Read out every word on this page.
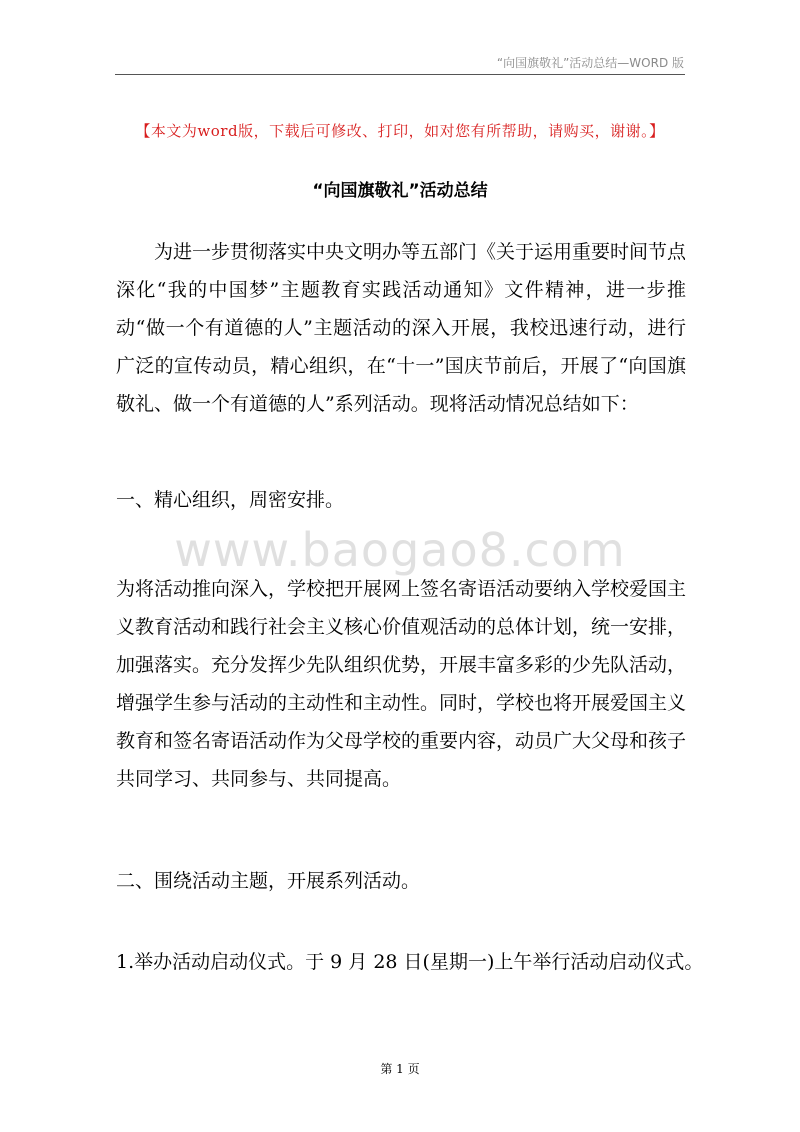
“向国旗敬礼”活动总结—WORD 版
【本文为word版，下载后可修改、打印，如对您有所帮助，请购买，谢谢。】
“向国旗敬礼”活动总结
为进一步贯彻落实中央文明办等五部门《关于运用重要时间节点深化“我的中国梦”主题教育实践活动通知》文件精神，进一步推动“做一个有道德的人”主题活动的深入开展，我校迅速行动，进行广泛的宣传动员，精心组织，在“十一”国庆节前后，开展了“向国旗敬礼、做一个有道德的人”系列活动。现将活动情况总结如下：
一、精心组织，周密安排。
www.baogao8.com
为将活动推向深入，学校把开展网上签名寄语活动要纳入学校爱国主义教育活动和践行社会主义核心价值观活动的总体计划，统一安排，加强落实。充分发挥少先队组织优势，开展丰富多彩的少先队活动，增强学生参与活动的主动性和主动性。同时，学校也将开展爱国主义教育和签名寄语活动作为父母学校的重要内容，动员广大父母和孩子共同学习、共同参与、共同提高。
二、围绕活动主题，开展系列活动。
1.举办活动启动仪式。于 9 月 28 日(星期一)上午举行活动启动仪式。
第 1 页
